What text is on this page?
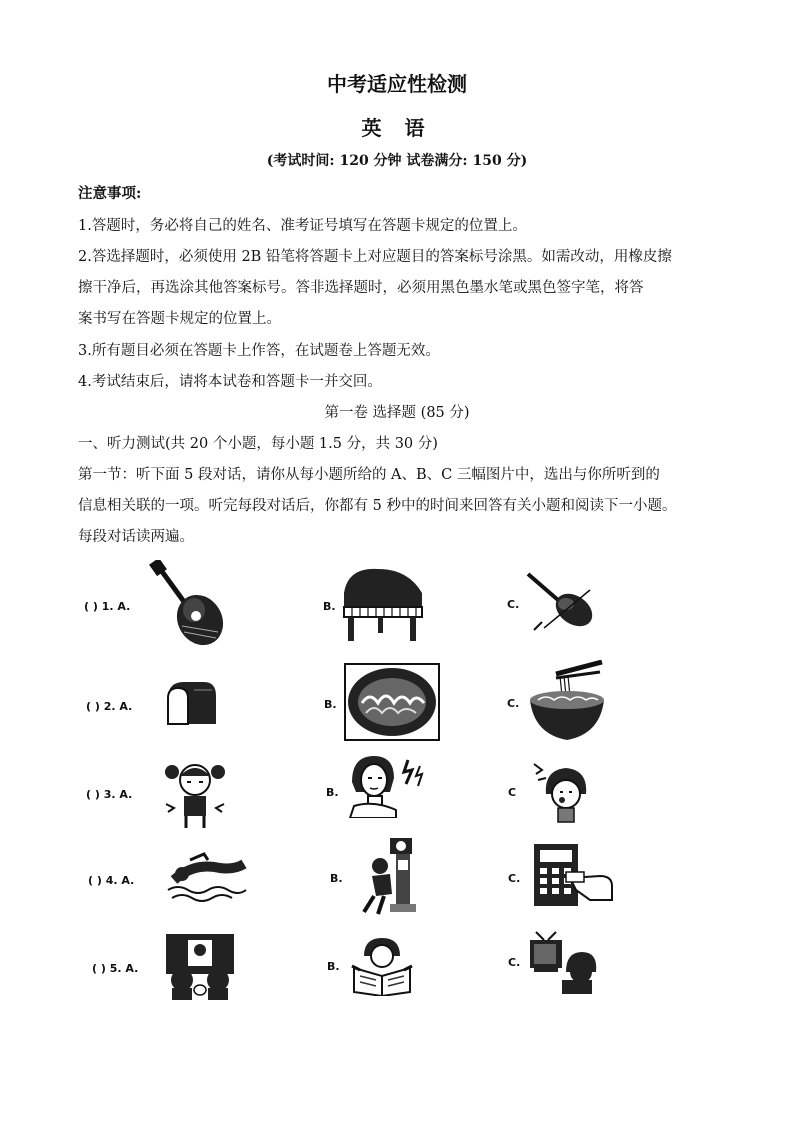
中考适应性检测
英 语
(考试时间: 120 分钟 试卷满分: 150 分)
注意事项:
1.答题时，务必将自己的姓名、准考证号填写在答题卡规定的位置上。
2.答选择题时，必须使用 2B 铅笔将答题卡上对应题目的答案标号涂黑。如需改动，用橡皮擦
擦干净后，再选涂其他答案标号。答非选择题时，必须用黑色墨水笔或黑色签字笔，将答
案书写在答题卡规定的位置上。
3.所有题目必须在答题卡上作答，在试题卷上答题无效。
4.考试结束后，请将本试卷和答题卡一并交回。
第一卷 选择题 (85 分)
一、听力测试(共 20 个小题，每小题 1.5 分，共 30 分)
第一节：听下面 5 段对话，请你从每小题所给的 A、B、C 三幅图片中，选出与你所听到的
信息相关联的一项。听完每段对话后，你都有 5 秒中的时间来回答有关小题和阅读下一小题。
每段对话读两遍。
( ) 1. A.	B.	C.
( ) 2. A.	B.	C.
( ) 3. A.	B.	C
( ) 4. A.	B.	C.
( ) 5. A.	B.	C.
